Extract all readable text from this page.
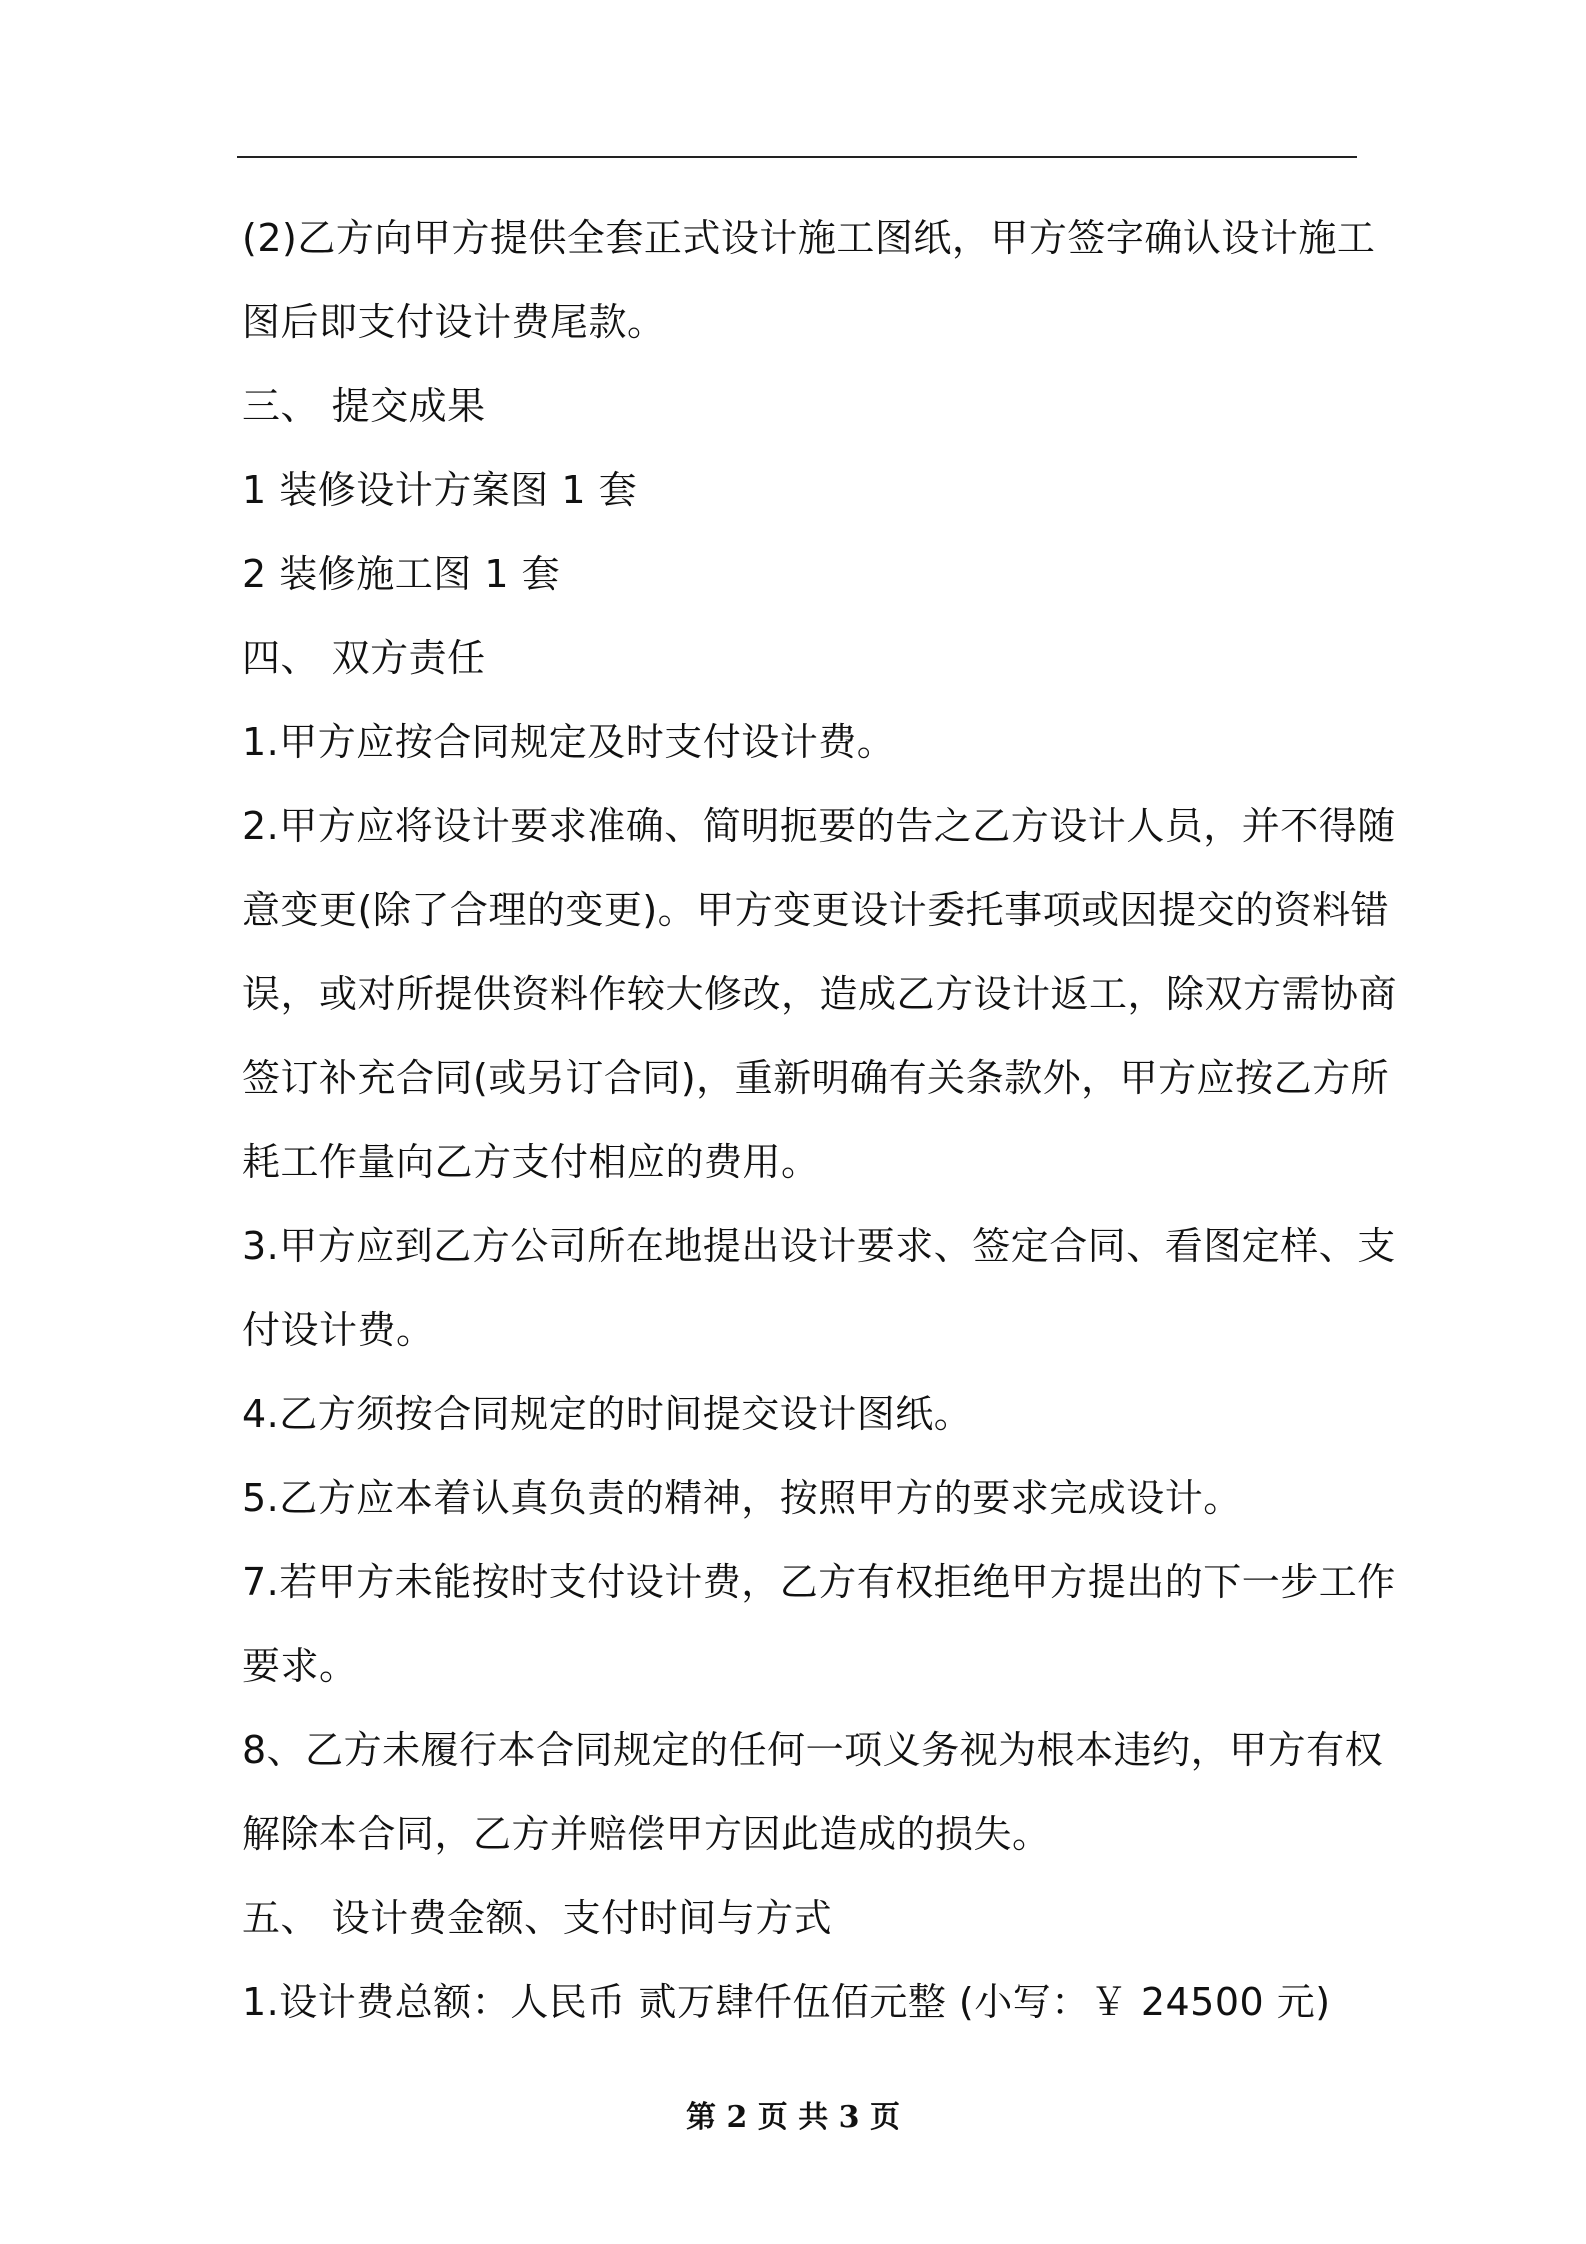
(2)乙方向甲方提供全套正式设计施工图纸，甲方签字确认设计施工
图后即支付设计费尾款。
三、 提交成果
1 装修设计方案图 1 套
2 装修施工图 1 套
四、 双方责任
1.甲方应按合同规定及时支付设计费。
2.甲方应将设计要求准确、简明扼要的告之乙方设计人员，并不得随
意变更(除了合理的变更)。甲方变更设计委托事项或因提交的资料错
误，或对所提供资料作较大修改，造成乙方设计返工，除双方需协商
签订补充合同(或另订合同)，重新明确有关条款外，甲方应按乙方所
耗工作量向乙方支付相应的费用。
3.甲方应到乙方公司所在地提出设计要求、签定合同、看图定样、支
付设计费。
4.乙方须按合同规定的时间提交设计图纸。
5.乙方应本着认真负责的精神，按照甲方的要求完成设计。
7.若甲方未能按时支付设计费，乙方有权拒绝甲方提出的下一步工作
要求。
8、乙方未履行本合同规定的任何一项义务视为根本违约，甲方有权
解除本合同，乙方并赔偿甲方因此造成的损失。
五、 设计费金额、支付时间与方式
1.设计费总额：人民币 贰万肆仟伍佰元整 (小写：￥ 24500 元)
第 2 页 共 3 页
